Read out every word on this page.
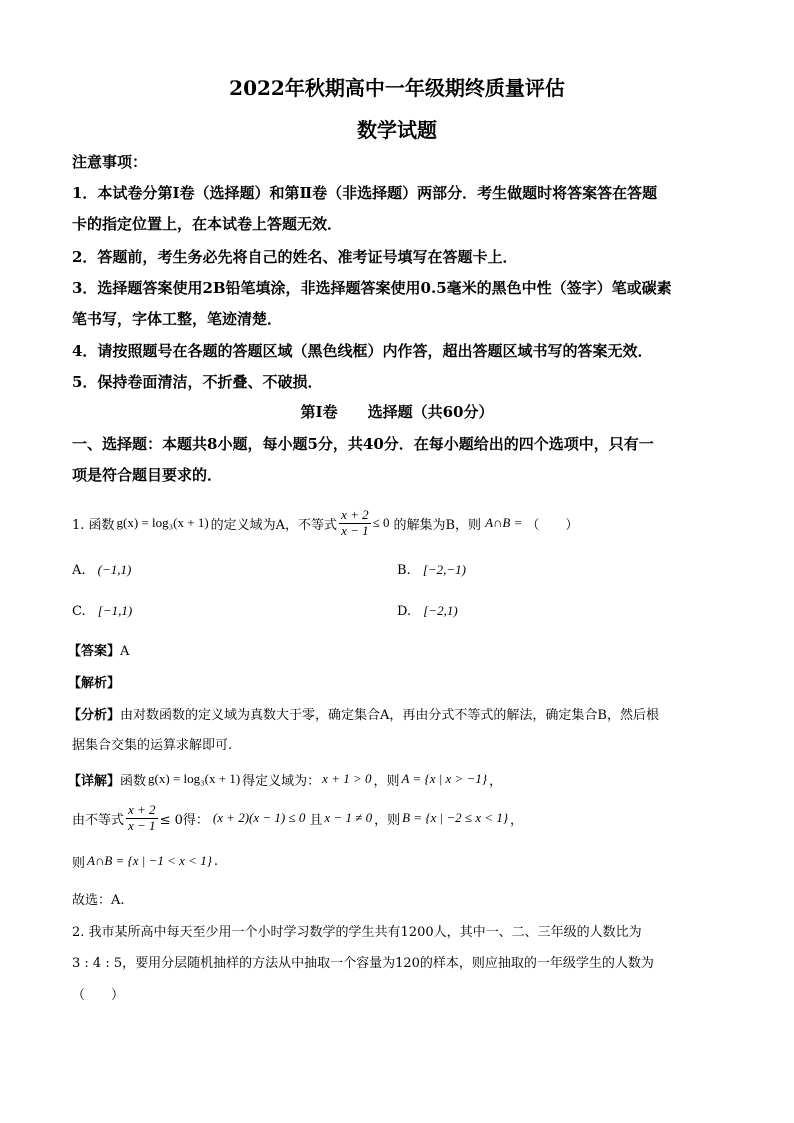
2022年秋期高中一年级期终质量评估
数学试题
注意事项：
1．本试卷分第Ⅰ卷（选择题）和第Ⅱ卷（非选择题）两部分．考生做题时将答案答在答题
卡的指定位置上，在本试卷上答题无效．
2．答题前，考生务必先将自己的姓名、准考证号填写在答题卡上．
3．选择题答案使用2B铅笔填涂，非选择题答案使用0.5毫米的黑色中性（签字）笔或碳素
笔书写，字体工整，笔迹清楚．
4．请按照题号在各题的答题区域（黑色线框）内作答，超出答题区域书写的答案无效．
5．保持卷面清洁，不折叠、不破损．
第Ⅰ卷　　选择题（共60分）
一、选择题：本题共8小题，每小题5分，共40分．在每小题给出的四个选项中，只有一
项是符合题目要求的．
1. 函数 g(x) = log₃(x + 1) 的定义域为A，不等式 $\frac{x + 2}{x - 1} \le 0$ 的解集为B，则 A∩B = （　　）
A. (−1,1)	B. [−2,−1)
C. [−1,1)	D. [−2,1)
【答案】A
【解析】
【分析】由对数函数的定义域为真数大于零，确定集合A，再由分式不等式的解法，确定集合B，然后根
据集合交集的运算求解即可.
【详解】 函数 g(x) = log₃(x + 1) 得定义域为： x + 1 > 0 ，则 A = {x | x > −1} ，
由不等式 $\frac{x + 2}{x - 1} \le 0$得： (x + 2)(x − 1) ≤ 0 且 x − 1 ≠ 0 ，则 B = {x | −2 ≤ x < 1} ，
则 A∩B = {x | −1 < x < 1} .
故选：A.
2. 我市某所高中每天至少用一个小时学习数学的学生共有1200人，其中一、二、三年级的人数比为
3 : 4 : 5，要用分层随机抽样的方法从中抽取一个容量为120的样本，则应抽取的一年级学生的人数为
（　　）
